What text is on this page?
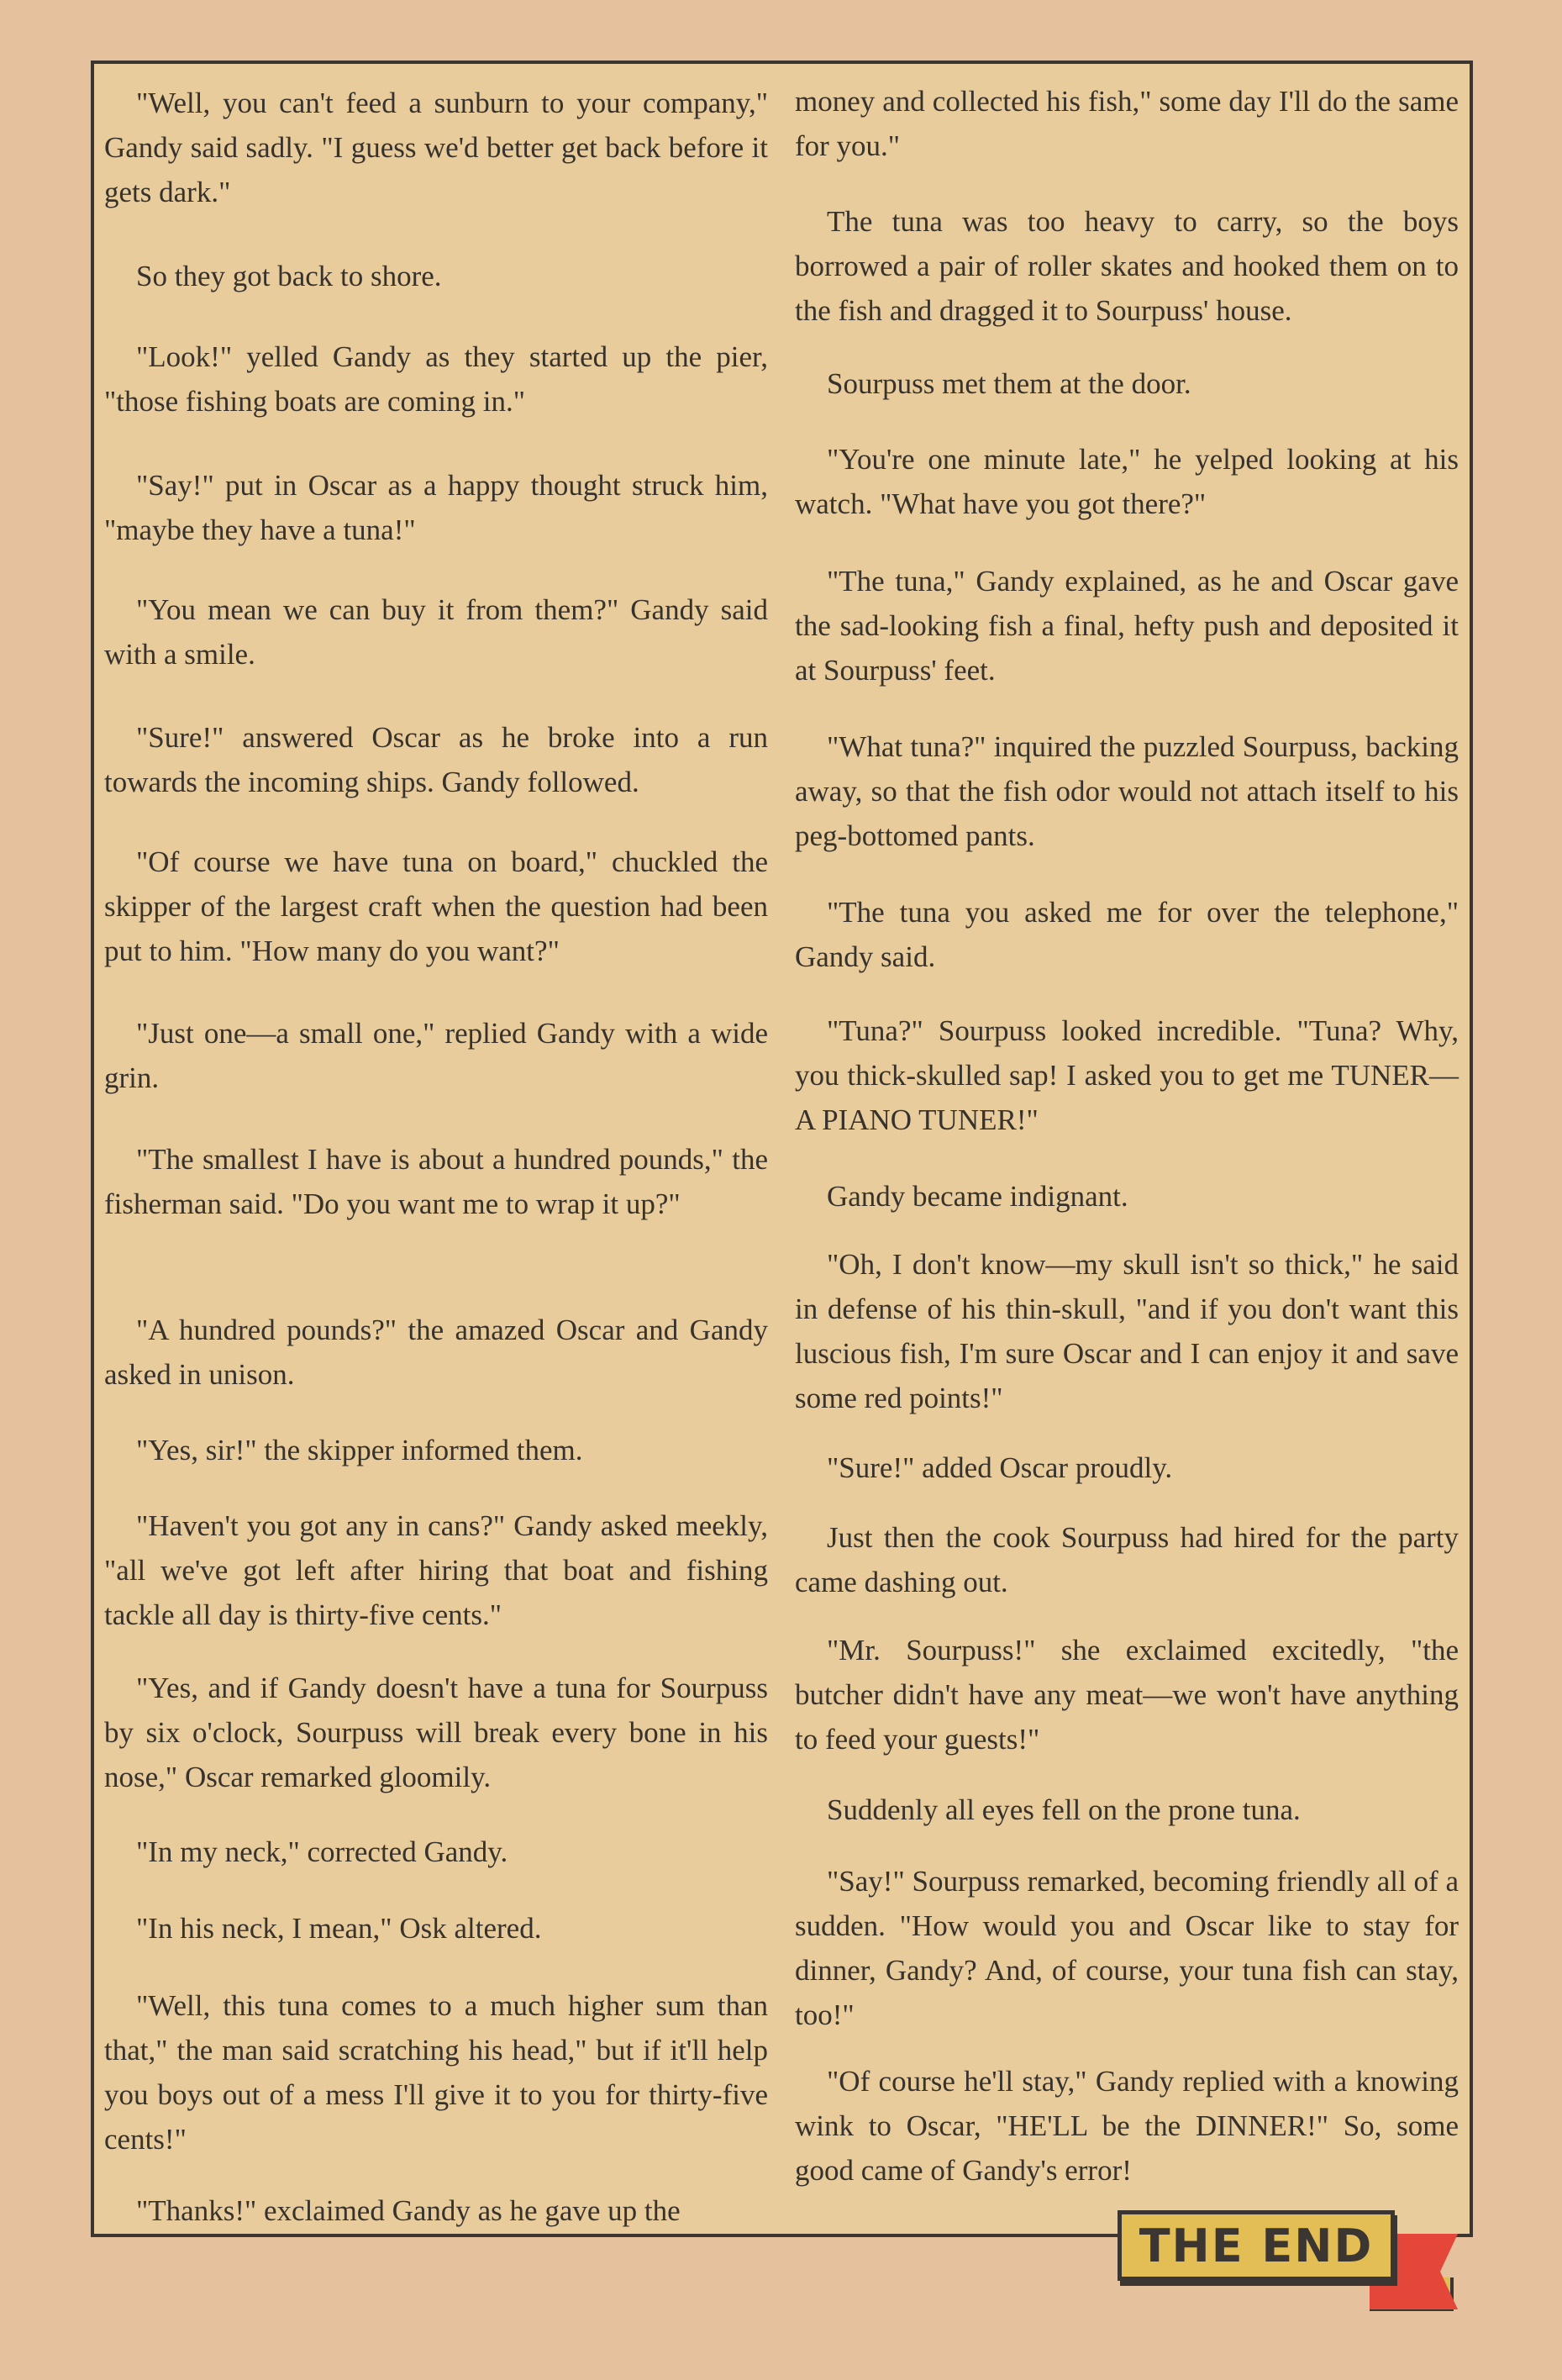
"Well, you can't feed a sunburn to your company," Gandy said sadly. "I guess we'd better get back before it gets dark."

So they got back to shore.

"Look!" yelled Gandy as they started up the pier, "those fishing boats are coming in."

"Say!" put in Oscar as a happy thought struck him, "maybe they have a tuna!"

"You mean we can buy it from them?" Gandy said with a smile.

"Sure!" answered Oscar as he broke into a run towards the incoming ships. Gandy followed.

"Of course we have tuna on board," chuckled the skipper of the largest craft when the question had been put to him. "How many do you want?"

"Just one—a small one," replied Gandy with a wide grin.

"The smallest I have is about a hundred pounds," the fisherman said. "Do you want me to wrap it up?"

"A hundred pounds?" the amazed Oscar and Gandy asked in unison.

"Yes, sir!" the skipper informed them.

"Haven't you got any in cans?" Gandy asked meekly, "all we've got left after hiring that boat and fishing tackle all day is thirty-five cents."

"Yes, and if Gandy doesn't have a tuna for Sourpuss by six o'clock, Sourpuss will break every bone in his nose," Oscar remarked gloomily.

"In my neck," corrected Gandy.

"In his neck, I mean," Osk altered.

"Well, this tuna comes to a much higher sum than that," the man said scratching his head," but if it'll help you boys out of a mess I'll give it to you for thirty-five cents!"

"Thanks!" exclaimed Gandy as he gave up the

money and collected his fish," some day I'll do the same for you."

The tuna was too heavy to carry, so the boys borrowed a pair of roller skates and hooked them on to the fish and dragged it to Sourpuss' house.

Sourpuss met them at the door.

"You're one minute late," he yelped looking at his watch. "What have you got there?"

"The tuna," Gandy explained, as he and Oscar gave the sad-looking fish a final, hefty push and deposited it at Sourpuss' feet.

"What tuna?" inquired the puzzled Sourpuss, backing away, so that the fish odor would not attach itself to his peg-bottomed pants.

"The tuna you asked me for over the telephone," Gandy said.

"Tuna?" Sourpuss looked incredible. "Tuna? Why, you thick-skulled sap! I asked you to get me TUNER—A PIANO TUNER!"

Gandy became indignant.

"Oh, I don't know—my skull isn't so thick," he said in defense of his thin-skull, "and if you don't want this luscious fish, I'm sure Oscar and I can enjoy it and save some red points!"

"Sure!" added Oscar proudly.

Just then the cook Sourpuss had hired for the party came dashing out.

"Mr. Sourpuss!" she exclaimed excitedly, "the butcher didn't have any meat—we won't have anything to feed your guests!"

Suddenly all eyes fell on the prone tuna.

"Say!" Sourpuss remarked, becoming friendly all of a sudden. "How would you and Oscar like to stay for dinner, Gandy? And, of course, your tuna fish can stay, too!"

"Of course he'll stay," Gandy replied with a knowing wink to Oscar, "HE'LL be the DINNER!" So, some good came of Gandy's error!

THE END
